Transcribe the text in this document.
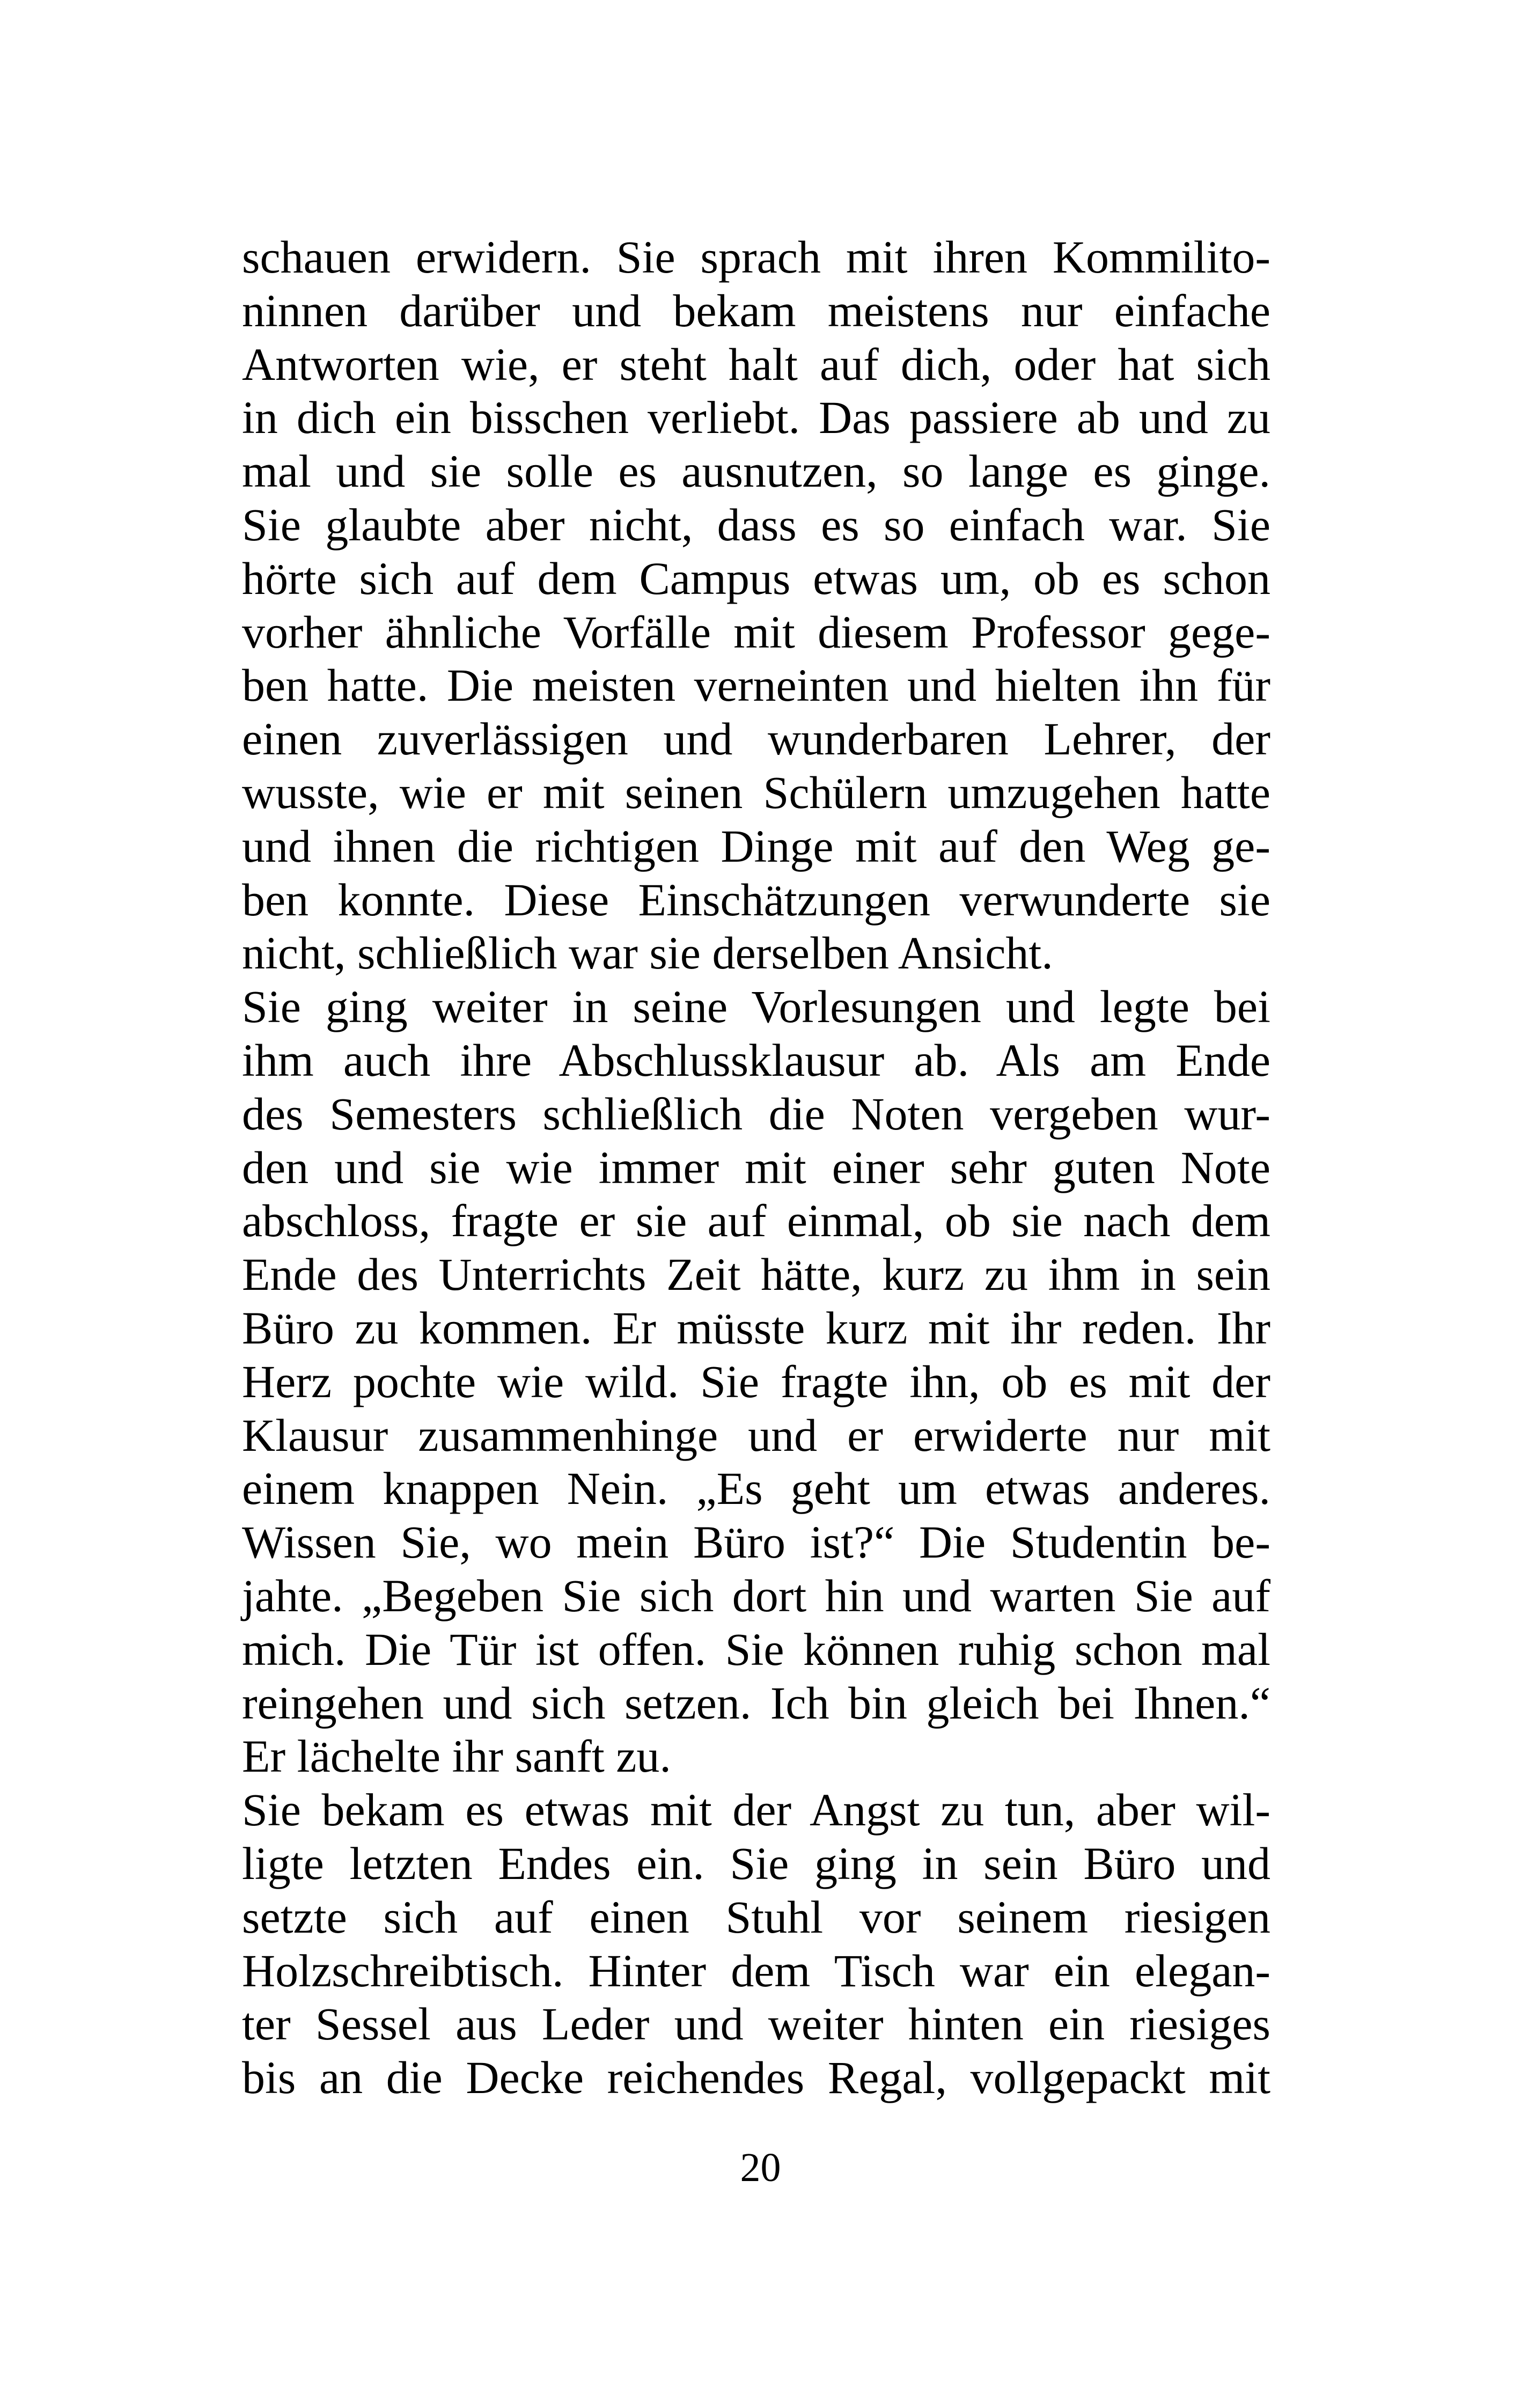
schauen erwidern. Sie sprach mit ihren Kommilito-
ninnen darüber und bekam meistens nur einfache
Antworten wie, er steht halt auf dich, oder hat sich
in dich ein bisschen verliebt. Das passiere ab und zu
mal und sie solle es ausnutzen, so lange es ginge.
Sie glaubte aber nicht, dass es so einfach war. Sie
hörte sich auf dem Campus etwas um, ob es schon
vorher ähnliche Vorfälle mit diesem Professor gege-
ben hatte. Die meisten verneinten und hielten ihn für
einen zuverlässigen und wunderbaren Lehrer, der
wusste, wie er mit seinen Schülern umzugehen hatte
und ihnen die richtigen Dinge mit auf den Weg ge-
ben konnte. Diese Einschätzungen verwunderte sie
nicht, schließlich war sie derselben Ansicht.
Sie ging weiter in seine Vorlesungen und legte bei
ihm auch ihre Abschlussklausur ab. Als am Ende
des Semesters schließlich die Noten vergeben wur-
den und sie wie immer mit einer sehr guten Note
abschloss, fragte er sie auf einmal, ob sie nach dem
Ende des Unterrichts Zeit hätte, kurz zu ihm in sein
Büro zu kommen. Er müsste kurz mit ihr reden. Ihr
Herz pochte wie wild. Sie fragte ihn, ob es mit der
Klausur zusammenhinge und er erwiderte nur mit
einem knappen Nein. „Es geht um etwas anderes.
Wissen Sie, wo mein Büro ist?“ Die Studentin be-
jahte. „Begeben Sie sich dort hin und warten Sie auf
mich. Die Tür ist offen. Sie können ruhig schon mal
reingehen und sich setzen. Ich bin gleich bei Ihnen.“
Er lächelte ihr sanft zu.
Sie bekam es etwas mit der Angst zu tun, aber wil-
ligte letzten Endes ein. Sie ging in sein Büro und
setzte sich auf einen Stuhl vor seinem riesigen
Holzschreibtisch. Hinter dem Tisch war ein elegan-
ter Sessel aus Leder und weiter hinten ein riesiges
bis an die Decke reichendes Regal, vollgepackt mit
20
